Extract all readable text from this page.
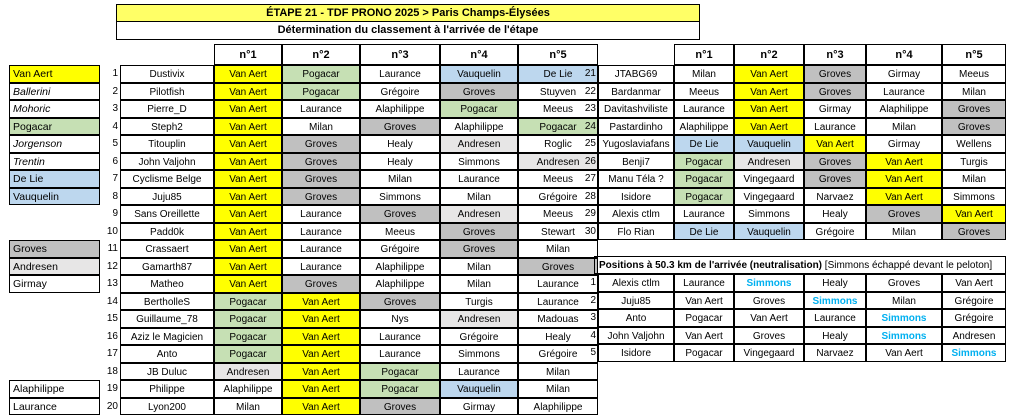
ÉTAPE 21 - TDF PRONO 2025 > Paris Champs-Élysées
Détermination du classement à l'arrivée de l'étape
Van Aert
Ballerini
Mohoric
Pogacar
Jorgenson
Trentin
De Lie
Vauquelin
Groves
Andresen
Girmay
Alaphilippe
Laurance
n°1	n°2	n°3	n°4	n°5
1	Dustivix	Van Aert	Pogacar	Laurance	Vauquelin	De Lie
2	Pilotfish	Van Aert	Pogacar	Grégoire	Groves	Stuyven
3	Pierre_D	Van Aert	Laurance	Alaphilippe	Pogacar	Meeus
4	Steph2	Van Aert	Milan	Groves	Alaphilippe	Pogacar
5	Titouplin	Van Aert	Groves	Healy	Andresen	Roglic
6	John Valjohn	Van Aert	Groves	Healy	Simmons	Andresen
7	Cyclisme Belge	Van Aert	Groves	Milan	Laurance	Meeus
8	Juju85	Van Aert	Groves	Simmons	Milan	Grégoire
9	Sans Oreillette	Van Aert	Laurance	Groves	Andresen	Meeus
10	Padd0k	Van Aert	Laurance	Meeus	Groves	Stewart
11	Crassaert	Van Aert	Laurance	Grégoire	Groves	Milan
12	Gamarth87	Van Aert	Laurance	Alaphilippe	Milan	Groves
13	Matheo	Van Aert	Groves	Alaphilippe	Milan	Laurance
14	BertholleS	Pogacar	Van Aert	Groves	Turgis	Laurance
15	Guillaume_78	Pogacar	Van Aert	Nys	Andresen	Madouas
16	Aziz le Magicien	Pogacar	Van Aert	Laurance	Grégoire	Healy
17	Anto	Pogacar	Van Aert	Laurance	Simmons	Grégoire
18	JB Duluc	Andresen	Van Aert	Pogacar	Laurance	Milan
19	Philippe	Alaphilippe	Van Aert	Pogacar	Vauquelin	Milan
20	Lyon200	Milan	Van Aert	Groves	Girmay	Alaphilippe
n°1	n°2	n°3	n°4	n°5
21	JTABG69	Milan	Van Aert	Groves	Girmay	Meeus
22	Bardanmar	Meeus	Van Aert	Groves	Laurance	Milan
23 Davitashviliste	Laurance	Van Aert	Girmay	Alaphilippe	Groves
24	Pastardinho	Alaphilippe	Van Aert	Laurance	Milan	Groves
25 Yugoslaviafans	De Lie	Vauquelin	Van Aert	Girmay	Wellens
26	Benji7	Pogacar	Andresen	Groves	Van Aert	Turgis
27	Manu Téla ?	Pogacar	Vingegaard	Groves	Van Aert	Milan
28	Isidore	Pogacar	Vingegaard	Narvaez	Van Aert	Simmons
29	Alexis ctlm	Laurance	Simmons	Healy	Groves	Van Aert
30	Flo Rian	De Lie	Vauquelin	Grégoire	Milan	Groves
Positions à 50.3 km de l'arrivée (neutralisation) [Simmons échappé devant le peloton]
1	Alexis ctlm	Laurance	Simmons	Healy	Groves	Van Aert
2	Juju85	Van Aert	Groves	Simmons	Milan	Grégoire
3	Anto	Pogacar	Van Aert	Laurance	Simmons	Grégoire
4	John Valjohn	Van Aert	Groves	Healy	Simmons	Andresen
5	Isidore	Pogacar	Vingegaard	Narvaez	Van Aert	Simmons
